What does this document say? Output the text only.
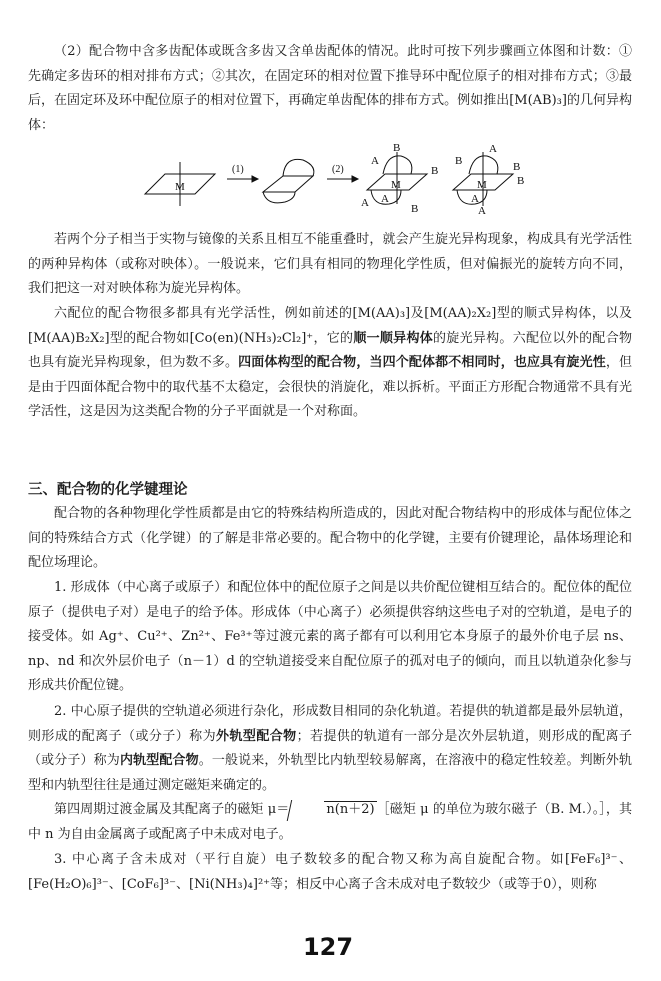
（2）配合物中含多齿配体或既含多齿又含单齿配体的情况。此时可按下列步骤画立体图和计数：①先确定多齿环的相对排布方式；②其次，在固定环的相对位置下推导环中配位原子的相对排布方式；③最后，在固定环及环中配位原子的相对位置下，再确定单齿配体的排布方式。例如推出[M(AB)₃]的几何异构体：

M
(1)	(2)
M
A
B
B
A
A	B
M
B
A
B
B
A
A

若两个分子相当于实物与镜像的关系且相互不能重叠时，就会产生旋光异构现象，构成具有光学活性的两种异构体（或称对映体）。一般说来，它们具有相同的物理化学性质，但对偏振光的旋转方向不同，我们把这一对对映体称为旋光异构体。

六配位的配合物很多都具有光学活性，例如前述的[M(AA)₃]及[M(AA)₂X₂]型的顺式异构体，以及[M(AA)B₂X₂]型的配合物如[Co(en)(NH₃)₂Cl₂]⁺，它的顺一顺异构体的旋光异构。六配位以外的配合物也具有旋光异构现象，但为数不多。四面体构型的配合物，当四个配体都不相同时，也应具有旋光性，但是由于四面体配合物中的取代基不太稳定，会很快的消旋化，难以拆析。平面正方形配合物通常不具有光学活性，这是因为这类配合物的分子平面就是一个对称面。

三、配合物的化学键理论

配合物的各种物理化学性质都是由它的特殊结构所造成的，因此对配合物结构中的形成体与配位体之间的特殊结合方式（化学键）的了解是非常必要的。配合物中的化学键，主要有价键理论，晶体场理论和配位场理论。

1. 形成体（中心离子或原子）和配位体中的配位原子之间是以共价配位键相互结合的。配位体的配位原子（提供电子对）是电子的给予体。形成体（中心离子）必须提供容纳这些电子对的空轨道，是电子的接受体。如 Ag⁺、Cu²⁺、Zn²⁺、Fe³⁺等过渡元素的离子都有可以利用它本身原子的最外价电子层 ns、np、nd 和次外层价电子（n－1）d 的空轨道接受来自配位原子的孤对电子的倾向，而且以轨道杂化参与形成共价配位键。

2. 中心原子提供的空轨道必须进行杂化，形成数目相同的杂化轨道。若提供的轨道都是最外层轨道，则形成的配离子（或分子）称为外轨型配合物；若提供的轨道有一部分是次外层轨道，则形成的配离子（或分子）称为内轨型配合物。一般说来，外轨型比内轨型较易解离，在溶液中的稳定性较差。判断外轨型和内轨型往往是通过测定磁矩来确定的。

第四周期过渡金属及其配离子的磁矩 μ＝	n(n＋2) ［磁矩 μ 的单位为玻尔磁子（B. M.）。］，其中 n 为自由金属离子或配离子中未成对电子。

3. 中心离子含未成对（平行自旋）电子数较多的配合物又称为高自旋配合物。如[FeF₆]³⁻、[Fe(H₂O)₆]³⁻、[CoF₆]³⁻、[Ni(NH₃)₄]²⁺等；相反中心离子含未成对电子数较少（或等于0），则称

127
